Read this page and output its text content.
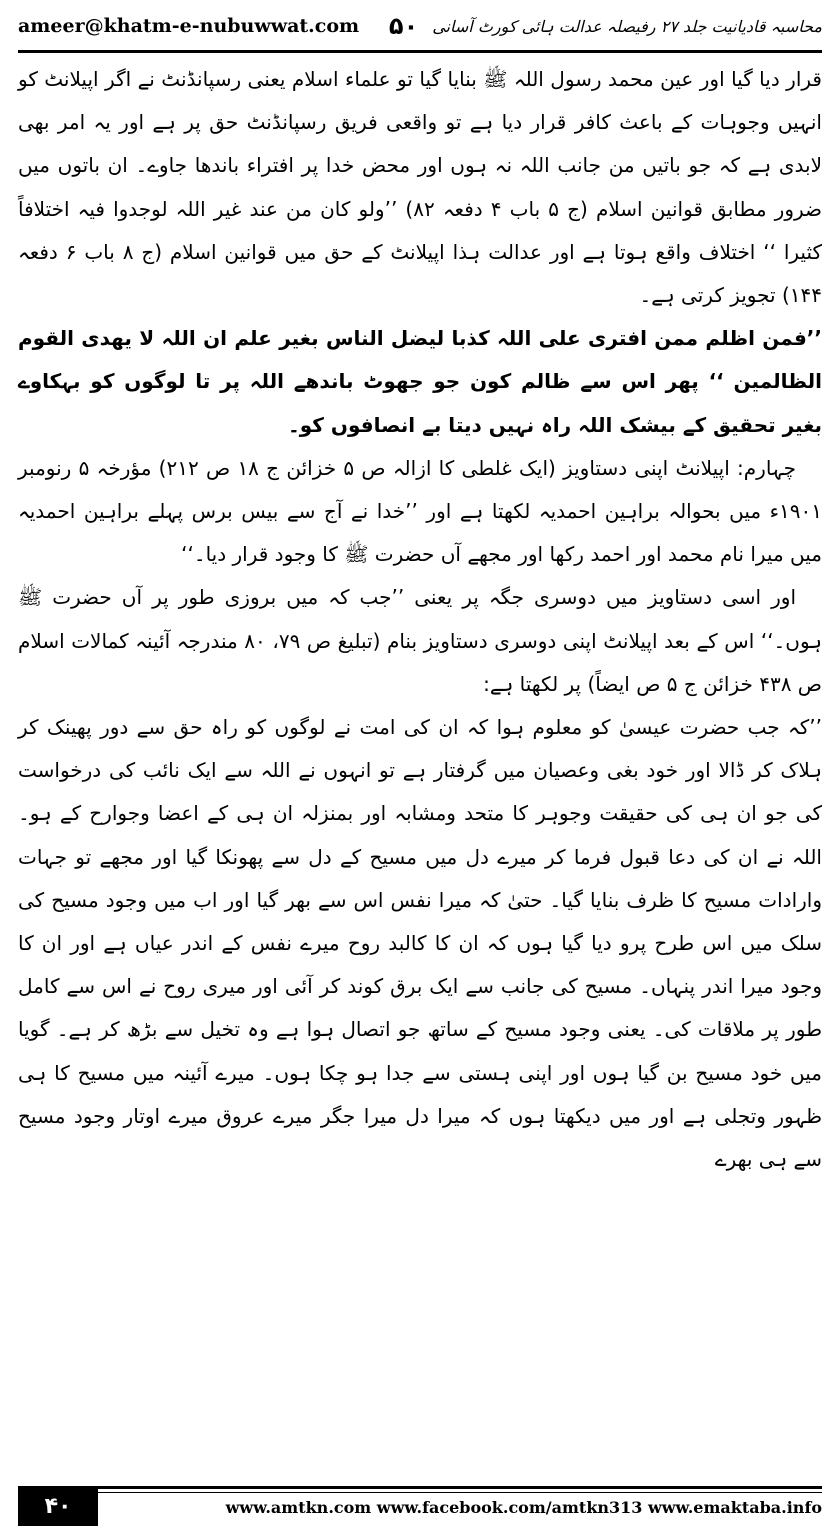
ameer@khatm-e-nubuwwat.com	محاسبہ قادیانیت جلد ۲۷ رفیصلہ عدالت ہائی کورٹ آسانی
۵۰

قرار دیا گیا اور عین محمد رسول اللہ ﷺ بنایا گیا تو علماء اسلام یعنی رسپانڈنٹ نے اگر اپیلانٹ کو انہیں وجوہات کے باعث کافر قرار دیا ہے تو واقعی فریق رسپانڈنٹ حق پر ہے اور یہ امر بھی لابدی ہے کہ جو باتیں من جانب اللہ نہ ہوں اور محض خدا پر افتراء باندھا جاوے۔ ان باتوں میں ضرور مطابق قوانین اسلام (ج ۵ باب ۴ دفعہ ۸۲) ’’ولو کان من عند غیر اللہ لوجدوا فیہ اختلافاً کثیرا ‘‘ اختلاف واقع ہوتا ہے اور عدالت ہذا اپیلانٹ کے حق میں قوانین اسلام (ج ۸ باب ۶ دفعہ ۱۴۴) تجویز کرتی ہے۔

’’فمن اظلم ممن افتری علی اللہ کذبا لیضل الناس بغیر علم ان اللہ لا یھدی القوم الظالمین ‘‘ پھر اس سے ظالم کون جو جھوٹ باندھے اللہ پر تا لوگوں کو بہکاوے بغیر تحقیق کے بیشک اللہ راہ نہیں دیتا بے انصافوں کو۔

چہارم: اپیلانٹ اپنی دستاویز (ایک غلطی کا ازالہ ص ۵ خزائن ج ۱۸ ص ۲۱۲) مؤرخہ ۵ رنومبر ۱۹۰۱ء میں بحوالہ براہین احمدیہ لکھتا ہے اور ’’خدا نے آج سے بیس برس پہلے براہین احمدیہ میں میرا نام محمد اور احمد رکھا اور مجھے آں حضرت ﷺ کا وجود قرار دیا۔‘‘

اور اسی دستاویز میں دوسری جگہ پر یعنی ’’جب کہ میں بروزی طور پر آں حضرت ﷺ ہوں۔‘‘ اس کے بعد اپیلانٹ اپنی دوسری دستاویز بنام (تبلیغ ص ۷۹، ۸۰ مندرجہ آئینہ کمالات اسلام ص ۴۳۸ خزائن ج ۵ ص ایضاً) پر لکھتا ہے:

’’کہ جب حضرت عیسیٰ کو معلوم ہوا کہ ان کی امت نے لوگوں کو راہ حق سے دور پھینک کر ہلاک کر ڈالا اور خود بغی وعصیان میں گرفتار ہے تو انہوں نے اللہ سے ایک نائب کی درخواست کی جو ان ہی کی حقیقت وجوہر کا متحد ومشابہ اور بمنزلہ ان ہی کے اعضا وجوارح کے ہو۔ اللہ نے ان کی دعا قبول فرما کر میرے دل میں مسیح کے دل سے پھونکا گیا اور مجھے تو جہات وارادات مسیح کا ظرف بنایا گیا۔ حتیٰ کہ میرا نفس اس سے بھر گیا اور اب میں وجود مسیح کی سلک میں اس طرح پرو دیا گیا ہوں کہ ان کا کالبد روح میرے نفس کے اندر عیاں ہے اور ان کا وجود میرا اندر پنہاں۔ مسیح کی جانب سے ایک برق کوند کر آئی اور میری روح نے اس سے کامل طور پر ملاقات کی۔ یعنی وجود مسیح کے ساتھ جو اتصال ہوا ہے وہ تخیل سے بڑھ کر ہے۔ گویا میں خود مسیح بن گیا ہوں اور اپنی ہستی سے جدا ہو چکا ہوں۔ میرے آئینہ میں مسیح کا ہی ظہور وتجلی ہے اور میں دیکھتا ہوں کہ میرا دل میرا جگر میرے عروق میرے اوتار وجود مسیح سے ہی بھرے

۴۰	www.amtkn.com www.facebook.com/amtkn313 www.emaktaba.info
